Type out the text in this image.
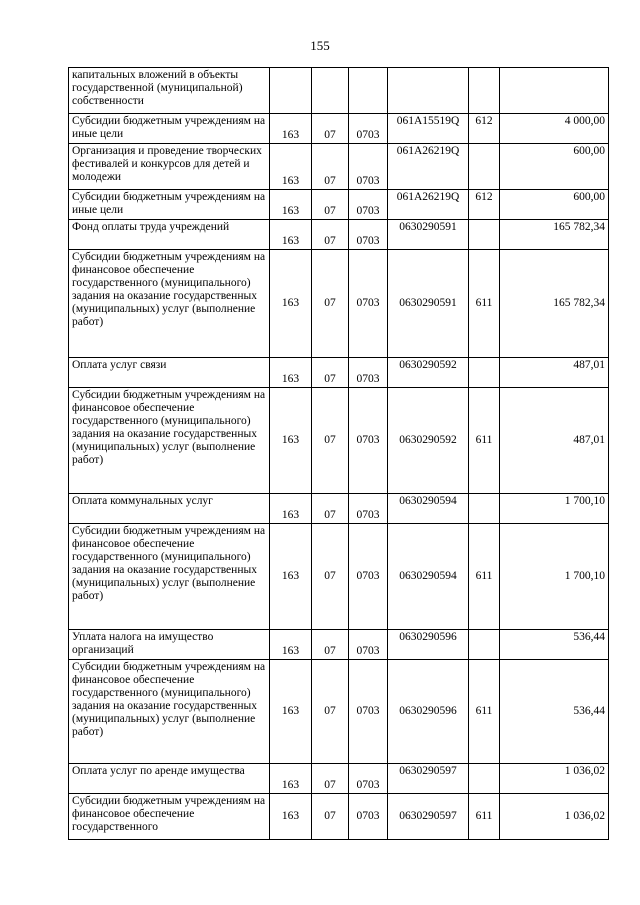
155
капитальных вложений в объекты государственной (муниципальной) собственности				

Субсидии бюджетным учреждениям на иные цели	163	07	0703	061A15519Q	612	4 000,00
Организация и проведение творческих фестивалей и конкурсов для детей и молодежи	163	07	0703	061A26219Q		600,00
Субсидии бюджетным учреждениям на иные цели	163	07	0703	061A26219Q	612	600,00
Фонд оплаты труда учреждений	163	07	0703	0630290591		165 782,34
Субсидии бюджетным учреждениям на финансовое обеспечение государственного (муниципального) задания на оказание государственных (муниципальных) услуг (выполнение работ)	163	07	0703	0630290591	611	165 782,34
Оплата услуг связи	163	07	0703	0630290592		487,01
Субсидии бюджетным учреждениям на финансовое обеспечение государственного (муниципального) задания на оказание государственных (муниципальных) услуг (выполнение работ)	163	07	0703	0630290592	611	487,01
Оплата коммунальных услуг	163	07	0703	0630290594		1 700,10
Субсидии бюджетным учреждениям на финансовое обеспечение государственного (муниципального) задания на оказание государственных (муниципальных) услуг (выполнение работ)	163	07	0703	0630290594	611	1 700,10
Уплата налога на имущество организаций	163	07	0703	0630290596		536,44
Субсидии бюджетным учреждениям на финансовое обеспечение государственного (муниципального) задания на оказание государственных (муниципальных) услуг (выполнение работ)	163	07	0703	0630290596	611	536,44
Оплата услуг по аренде имущества	163	07	0703	0630290597		1 036,02
Субсидии бюджетным учреждениям на финансовое обеспечение государственного	163	07	0703	0630290597	611	1 036,02
